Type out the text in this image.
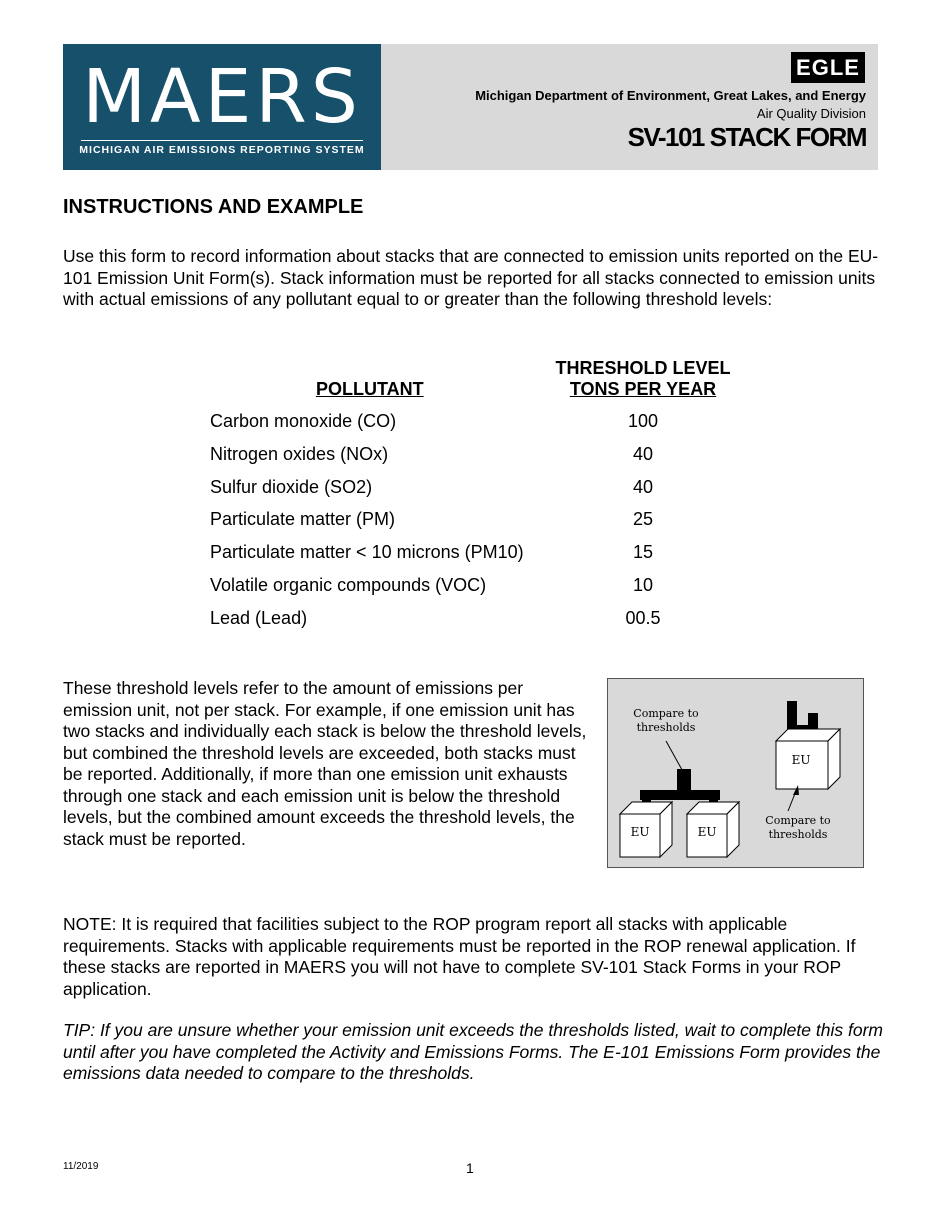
MAERS
MICHIGAN AIR EMISSIONS REPORTING SYSTEM
EGLE
Michigan Department of Environment, Great Lakes, and Energy
Air Quality Division
SV-101 STACK FORM
INSTRUCTIONS AND EXAMPLE
Use this form to record information about stacks that are connected to emission units reported on the EU-101 Emission Unit Form(s). Stack information must be reported for all stacks connected to emission units with actual emissions of any pollutant equal to or greater than the following threshold levels:
POLLUTANT
THRESHOLD LEVEL
TONS PER YEAR
Carbon monoxide (CO)	100
Nitrogen oxides (NOx)	40
Sulfur dioxide (SO2)	40
Particulate matter (PM)	25
Particulate matter < 10 microns (PM10)	15
Volatile organic compounds (VOC)	10
Lead (Lead)	00.5
These threshold levels refer to the amount of emissions per emission unit, not per stack. For example, if one emission unit has two stacks and individually each stack is below the threshold levels, but combined the threshold levels are exceeded, both stacks must be reported. Additionally, if more than one emission unit exhausts through one stack and each emission unit is below the threshold levels, but the combined amount exceeds the threshold levels, the stack must be reported.
Compare to
thresholds
Compare to
thresholds
EU	EU
EU
NOTE: It is required that facilities subject to the ROP program report all stacks with applicable requirements. Stacks with applicable requirements must be reported in the ROP renewal application. If these stacks are reported in MAERS you will not have to complete SV-101 Stack Forms in your ROP application.
TIP: If you are unsure whether your emission unit exceeds the thresholds listed, wait to complete this form until after you have completed the Activity and Emissions Forms. The E-101 Emissions Form provides the emissions data needed to compare to the thresholds.
11/2019	1
